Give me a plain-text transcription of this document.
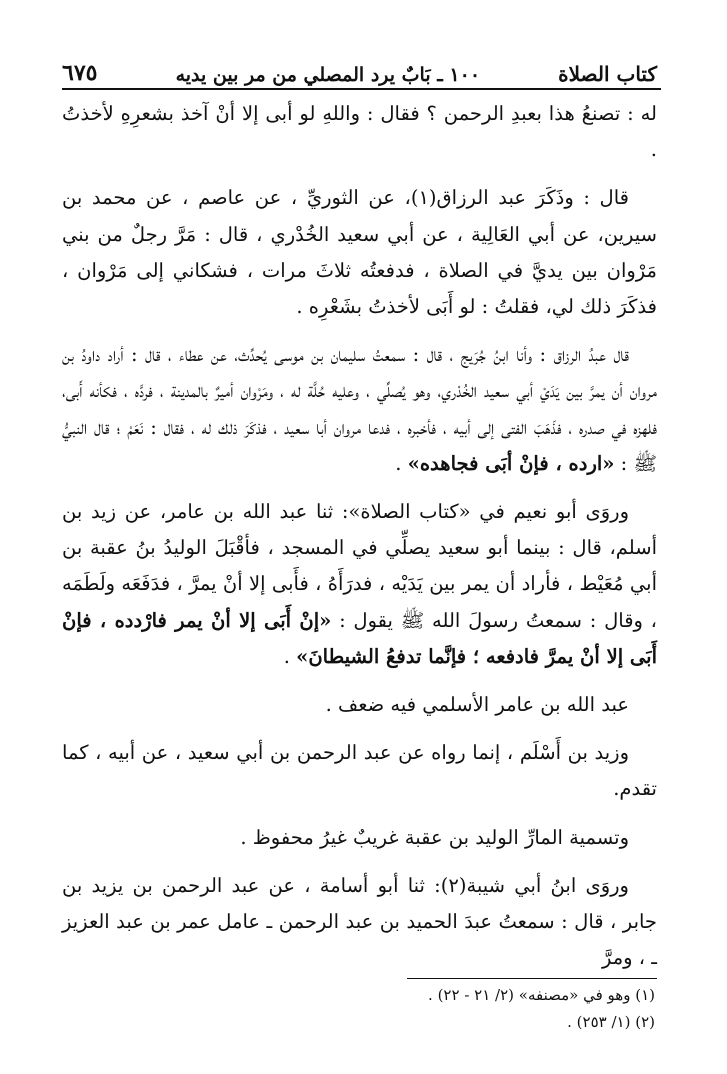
كتاب الصلاة
١٠٠ ـ بَابٌ يرد المصلي من مر بين يديه
٦٧٥

له : تصنعُ هذا بعبدِ الرحمن ؟ فقال : واللهِ لو أبى إلا أنْ آخذ بشعرِهِ لأخذتُ .

قال : وذَكَرَ عبد الرزاق(١)، عن الثوريِّ ، عن عاصم ، عن محمد بن سيرين، عن أبي العَالِية ، عن أبي سعيد الخُدْري ، قال : مَرَّ رجلٌ من بني مَرْوان بين يديَّ في الصلاة ، فدفعتُه ثلاثَ مرات ، فشكاني إلى مَرْوان ، فذكَرَ ذلك لي، فقلتُ : لو أَبَى لأخذتُ بشَعْرِه .

قال عبدُ الرزاق : وأنا ابنُ جُرَيج ، قال : سمعتُ سليمان بن موسى يُحدِّث، عن عطاء ، قال : أراد داودُ بن مروان أن يمرَّ بين يَدَيْ أبي سعيد الخُدْري، وهو يُصلِّي ، وعليه حُلَّة له ، ومَرْوان أميرٌ بالمدينة ، فردَّه ، فكأنه أَبى، فلهزه في صدره ، فذَهَبَ الفتى إلى أبيه ، فأخبره ، فدعا مروان أبا سعيد ، فذكَرَ ذلك له ، فقال : نَعَمْ ؛ قال النبيُّ ﷺ : «ارده ، فإنْ أبَى فجاهده» .

وروَى أبو نعيم في «كتاب الصلاة»: ثنا عبد الله بن عامر، عن زيد بن أسلم، قال : بينما أبو سعيد يصلِّي في المسجد ، فأقْبَلَ الوليدُ بنُ عقبة بن أبي مُعَيْط ، فأراد أن يمر بين يَدَيْه ، فدرَأَهُ ، فأَبى إلا أنْ يمرَّ ، فدَفَعَه ولَطَمَه ، وقال : سمعتُ رسولَ الله ﷺ يقول : «إنْ أَبَى إلا أنْ يمر فارْدده ، فإنْ أَبَى إلا أنْ يمرَّ فادفعه ؛ فإنَّما تدفعُ الشيطانَ» .

عبد الله بن عامر الأسلمي فيه ضعف .

وزيد بن أَسْلَم ، إنما رواه عن عبد الرحمن بن أبي سعيد ، عن أبيه ، كما تقدم.

وتسمية المارِّ الوليد بن عقبة غريبٌ غيرُ محفوظ .

وروَى ابنُ أبي شيبة(٢): ثنا أبو أسامة ، عن عبد الرحمن بن يزيد بن جابر ، قال : سمعتُ عبدَ الحميد بن عبد الرحمن ـ عامل عمر بن عبد العزيز ـ ، ومرَّ

(١) وهو في «مصنفه» (٢/ ٢١ - ٢٢) .
(٢) (١/ ٢٥٣) .
